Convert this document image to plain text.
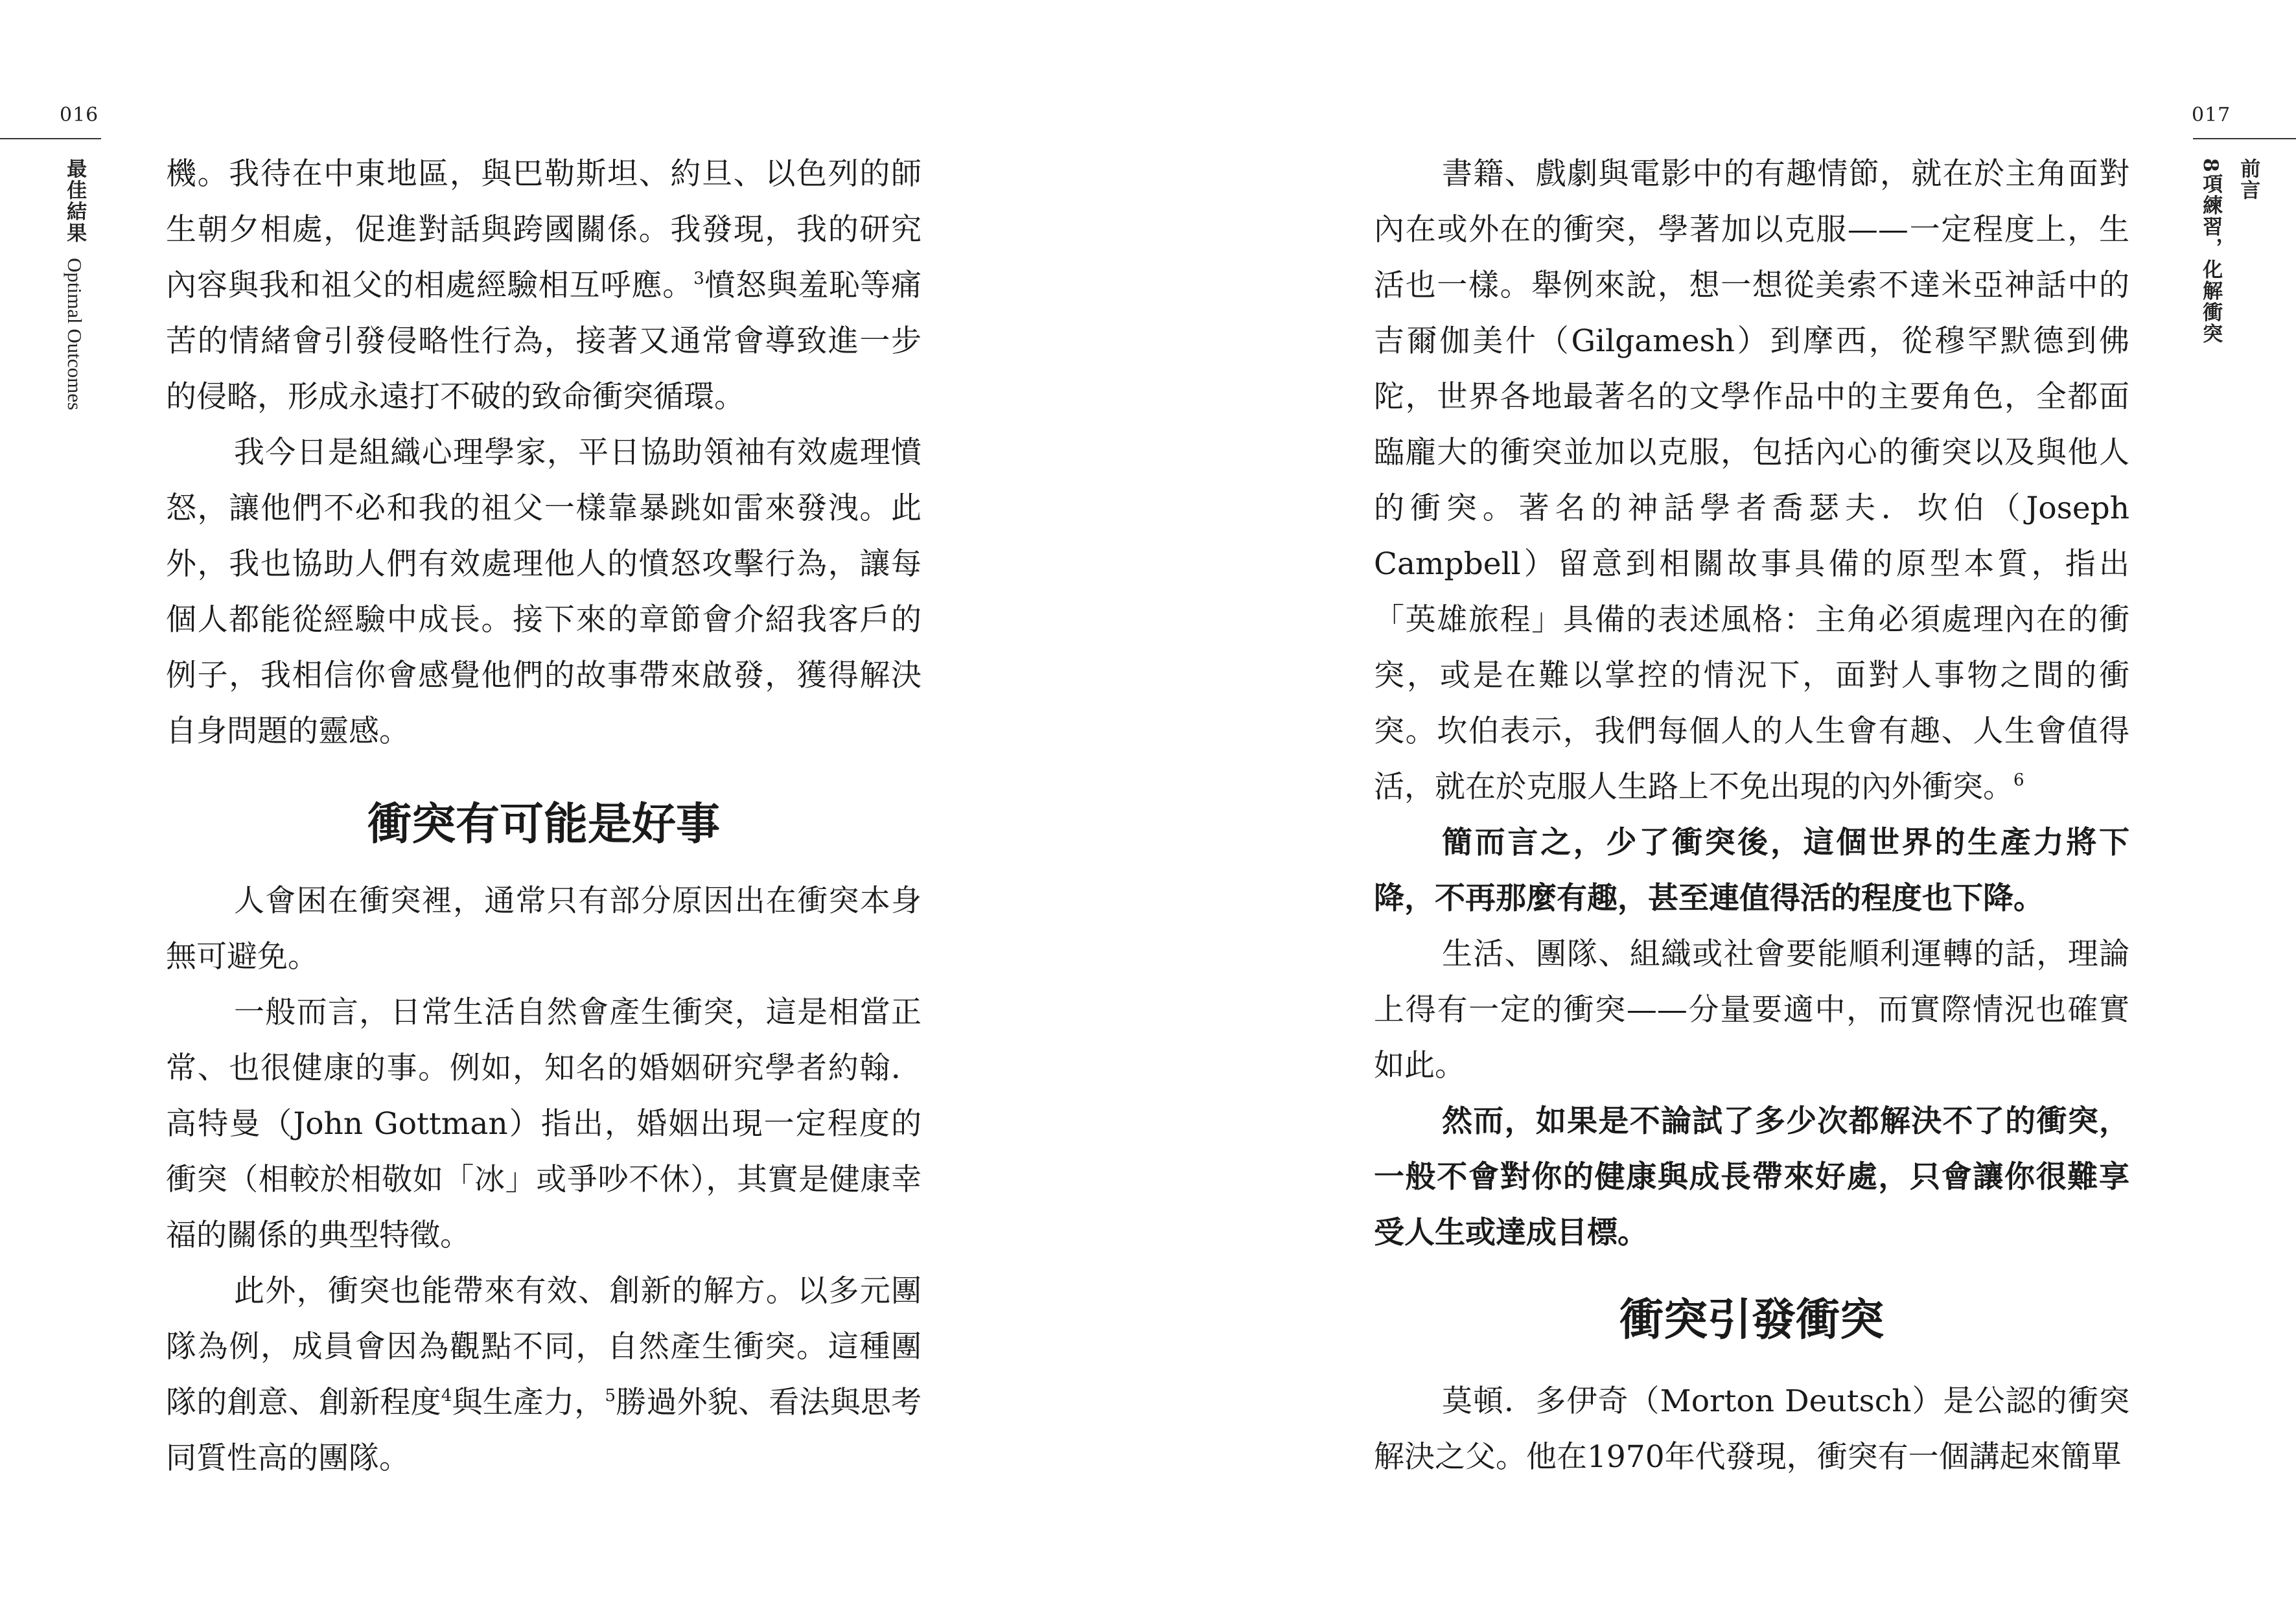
016
最佳結果Optimal Outcomes

機。我待在中東地區，與巴勒斯坦、約旦、以色列的師生朝夕相處，促進對話與跨國關係。我發現，我的研究內容與我和祖父的相處經驗相互呼應。$^3$憤怒與羞恥等痛苦的情緒會引發侵略性行為，接著又通常會導致進一步的侵略，形成永遠打不破的致命衝突循環。

我今日是組織心理學家，平日協助領袖有效處理憤怒，讓他們不必和我的祖父一樣靠暴跳如雷來發洩。此外，我也協助人們有效處理他人的憤怒攻擊行為，讓每個人都能從經驗中成長。接下來的章節會介紹我客戶的例子，我相信你會感覺他們的故事帶來啟發，獲得解決自身問題的靈感。

衝突有可能是好事

人會困在衝突裡，通常只有部分原因出在衝突本身無可避免。

一般而言，日常生活自然會產生衝突，這是相當正常、也很健康的事。例如，知名的婚姻研究學者約翰．高特曼（John Gottman）指出，婚姻出現一定程度的衝突（相較於相敬如「冰」或爭吵不休），其實是健康幸福的關係的典型特徵。

此外，衝突也能帶來有效、創新的解方。以多元團隊為例，成員會因為觀點不同，自然產生衝突。這種團隊的創意、創新程度$^4$與生產力，$^5$勝過外貌、看法與思考同質性高的團隊。

017
前言
8項練習，化解衝突

書籍、戲劇與電影中的有趣情節，就在於主角面對內在或外在的衝突，學著加以克服——一定程度上，生活也一樣。舉例來說，想一想從美索不達米亞神話中的吉爾伽美什（Gilgamesh）到摩西，從穆罕默德到佛陀，世界各地最著名的文學作品中的主要角色，全都面臨龐大的衝突並加以克服，包括內心的衝突以及與他人的衝突。著名的神話學者喬瑟夫．坎伯（Joseph Campbell）留意到相關故事具備的原型本質，指出「英雄旅程」具備的表述風格：主角必須處理內在的衝突，或是在難以掌控的情況下，面對人事物之間的衝突。坎伯表示，我們每個人的人生會有趣、人生會值得活，就在於克服人生路上不免出現的內外衝突。$^6$

簡而言之，少了衝突後，這個世界的生產力將下降，不再那麼有趣，甚至連值得活的程度也下降。

生活、團隊、組織或社會要能順利運轉的話，理論上得有一定的衝突——分量要適中，而實際情況也確實如此。

然而，如果是不論試了多少次都解決不了的衝突，一般不會對你的健康與成長帶來好處，只會讓你很難享受人生或達成目標。

衝突引發衝突

莫頓．多伊奇（Morton Deutsch）是公認的衝突解決之父。他在1970年代發現，衝突有一個講起來簡單
